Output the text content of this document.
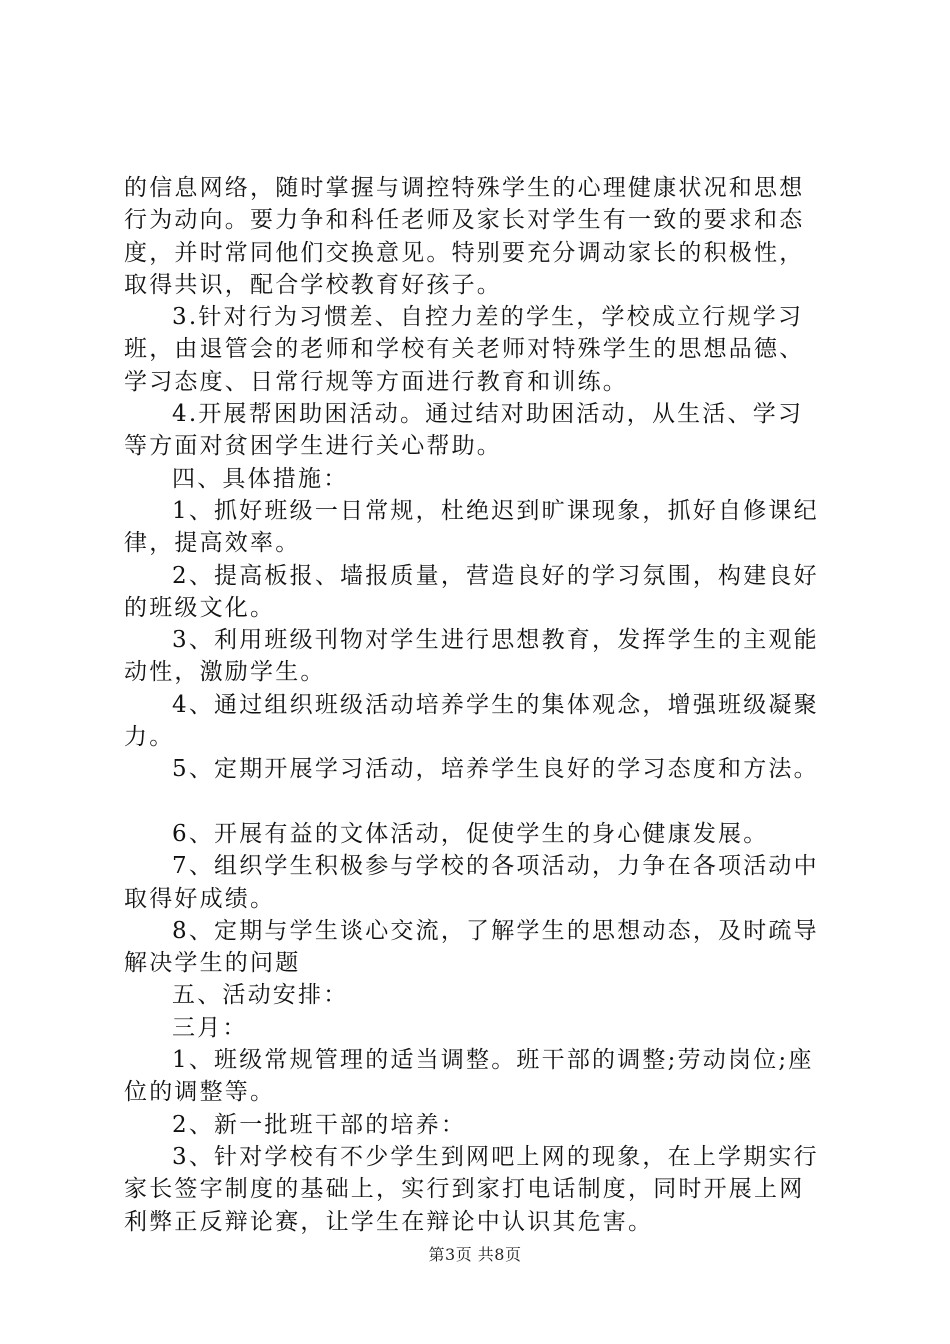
的信息网络，随时掌握与调控特殊学生的心理健康状况和思想
行为动向。要力争和科任老师及家长对学生有一致的要求和态
度，并时常同他们交换意见。特别要充分调动家长的积极性，
取得共识，配合学校教育好孩子。
3.针对行为习惯差、自控力差的学生，学校成立行规学习
班，由退管会的老师和学校有关老师对特殊学生的思想品德、
学习态度、日常行规等方面进行教育和训练。
4.开展帮困助困活动。通过结对助困活动，从生活、学习
等方面对贫困学生进行关心帮助。
四、具体措施：
1、抓好班级一日常规，杜绝迟到旷课现象，抓好自修课纪
律，提高效率。
2、提高板报、墙报质量，营造良好的学习氛围，构建良好
的班级文化。
3、利用班级刊物对学生进行思想教育，发挥学生的主观能
动性，激励学生。
4、通过组织班级活动培养学生的集体观念，增强班级凝聚
力。
5、定期开展学习活动，培养学生良好的学习态度和方法。
6、开展有益的文体活动，促使学生的身心健康发展。
7、组织学生积极参与学校的各项活动，力争在各项活动中
取得好成绩。
8、定期与学生谈心交流，了解学生的思想动态，及时疏导
解决学生的问题
五、活动安排：
三月：
1、班级常规管理的适当调整。班干部的调整;劳动岗位;座
位的调整等。
2、新一批班干部的培养：
3、针对学校有不少学生到网吧上网的现象，在上学期实行
家长签字制度的基础上，实行到家打电话制度，同时开展上网
利弊正反辩论赛，让学生在辩论中认识其危害。
第3页 共8页
